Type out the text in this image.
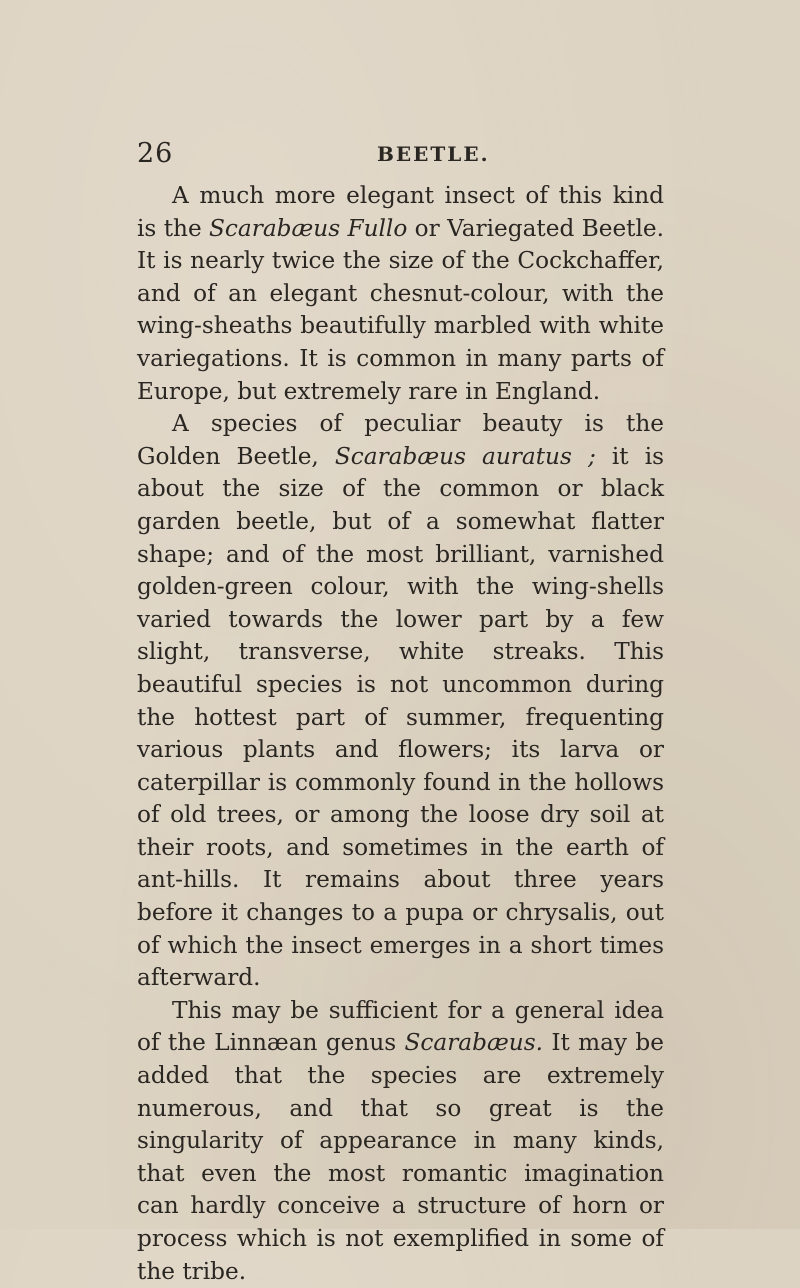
26	BEETLE.

A much more elegant insect of this kind is the Scarabæus Fullo or Variegated Beetle. It is nearly twice the size of the Cockchaffer, and of an elegant chesnut-colour, with the wing-sheaths beautifully marbled with white variegations. It is common in many parts of Europe, but extremely rare in England.

A species of peculiar beauty is the Golden Beetle, Scarabæus auratus ; it is about the size of the common or black garden beetle, but of a somewhat flatter shape; and of the most brilliant, varnished golden-green colour, with the wing-shells varied towards the lower part by a few slight, transverse, white streaks. This beautiful species is not uncommon during the hottest part of summer, frequenting various plants and flowers; its larva or caterpillar is commonly found in the hollows of old trees, or among the loose dry soil at their roots, and sometimes in the earth of ant-hills. It remains about three years before it changes to a pupa or chrysalis, out of which the insect emerges in a short times afterward.

This may be sufficient for a general idea of the Linnæan genus Scarabæus. It may be added that the species are extremely numerous, and that so great is the singularity of appearance in many kinds, that even the most romantic imagination can hardly conceive a structure of horn or process which is not exemplified in some of the tribe.
